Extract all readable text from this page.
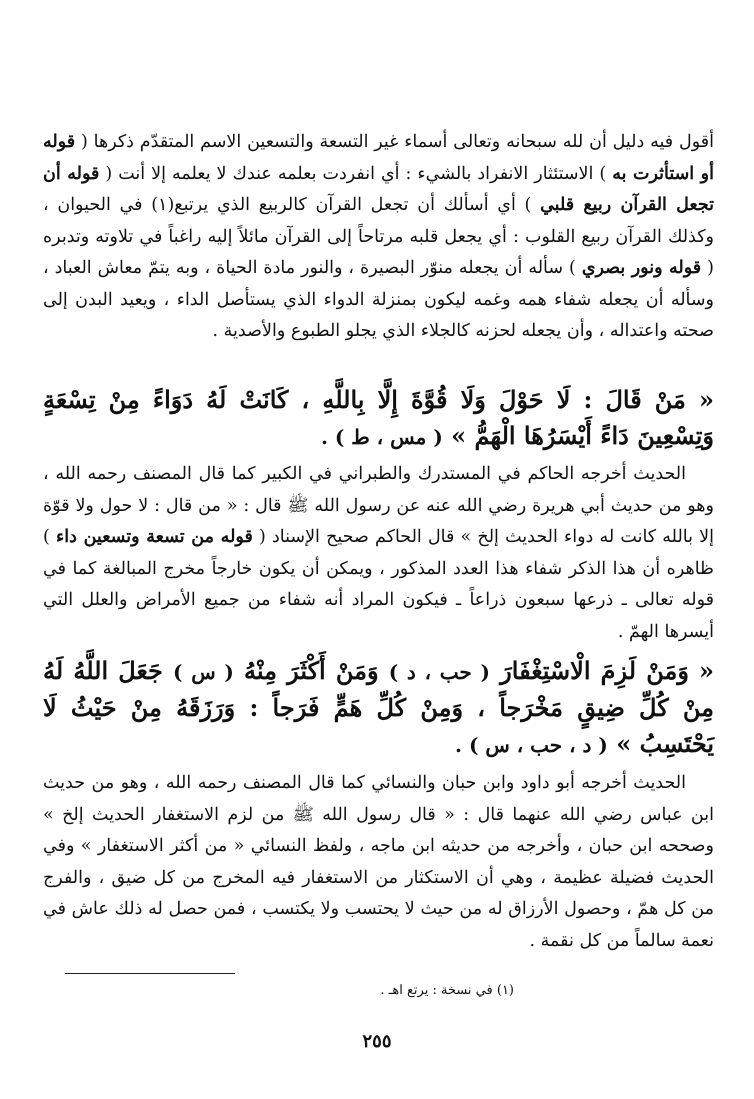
أقول فيه دليل أن لله سبحانه وتعالى أسماء غير التسعة والتسعين الاسم المتقدّم ذكرها ( قوله أو استأثرت به ) الاستئثار الانفراد بالشيء : أي انفردت بعلمه عندك لا يعلمه إلا أنت ( قوله أن تجعل القرآن ربيع قلبي ) أي أسألك أن تجعل القرآن كالربيع الذي يرتبع(١) في الحيوان ، وكذلك القرآن ربيع القلوب : أي يجعل قلبه مرتاحاً إلى القرآن مائلاً إليه راغباً في تلاوته وتدبره ( قوله ونور بصري ) سأله أن يجعله منوّر البصيرة ، والنور مادة الحياة ، وبه يتمّ معاش العباد ، وسأله أن يجعله شفاء همه وغمه ليكون بمنزلة الدواء الذي يستأصل الداء ، ويعيد البدن إلى صحته واعتداله ، وأن يجعله لحزنه كالجلاء الذي يجلو الطبوع والأصدية .

« مَنْ قَالَ : لَا حَوْلَ وَلَا قُوَّةَ إِلَّا بِاللَّهِ ، كَانَتْ لَهُ دَوَاءً مِنْ تِسْعَةٍ وَتِسْعِينَ دَاءً أَيْسَرُهَا الْهَمُّ » ( مس ، ط ) .

الحديث أخرجه الحاكم في المستدرك والطبراني في الكبير كما قال المصنف رحمه الله ، وهو من حديث أبي هريرة رضي الله عنه عن رسول الله ﷺ قال : « من قال : لا حول ولا قوّة إلا بالله كانت له دواء الحديث إلخ » قال الحاكم صحيح الإسناد ( قوله من تسعة وتسعين داء ) ظاهره أن هذا الذكر شفاء هذا العدد المذكور ، ويمكن أن يكون خارجاً مخرج المبالغة كما في قوله تعالى ـ ذرعها سبعون ذراعاً ـ فيكون المراد أنه شفاء من جميع الأمراض والعلل التي أيسرها الهمّ .

« وَمَنْ لَزِمَ الْاسْتِغْفَارَ ( حب ، د ) وَمَنْ أَكْثَرَ مِنْهُ ( س ) جَعَلَ اللَّهُ لَهُ مِنْ كُلِّ ضِيقٍ مَخْرَجاً ، وَمِنْ كُلِّ هَمٍّ فَرَجاً : وَرَزَقَهُ مِنْ حَيْثُ لَا يَحْتَسِبُ » ( د ، حب ، س ) .

الحديث أخرجه أبو داود وابن حبان والنسائي كما قال المصنف رحمه الله ، وهو من حديث ابن عباس رضي الله عنهما قال : « قال رسول الله ﷺ من لزم الاستغفار الحديث إلخ » وصححه ابن حبان ، وأخرجه من حديثه ابن ماجه ، ولفظ النسائي « من أكثر الاستغفار » وفي الحديث فضيلة عظيمة ، وهي أن الاستكثار من الاستغفار فيه المخرج من كل ضيق ، والفرج من كل همّ ، وحصول الأرزاق له من حيث لا يحتسب ولا يكتسب ، فمن حصل له ذلك عاش في نعمة سالماً من كل نقمة .

(١) في نسخة : يرتع اهـ .
٢٥٥
